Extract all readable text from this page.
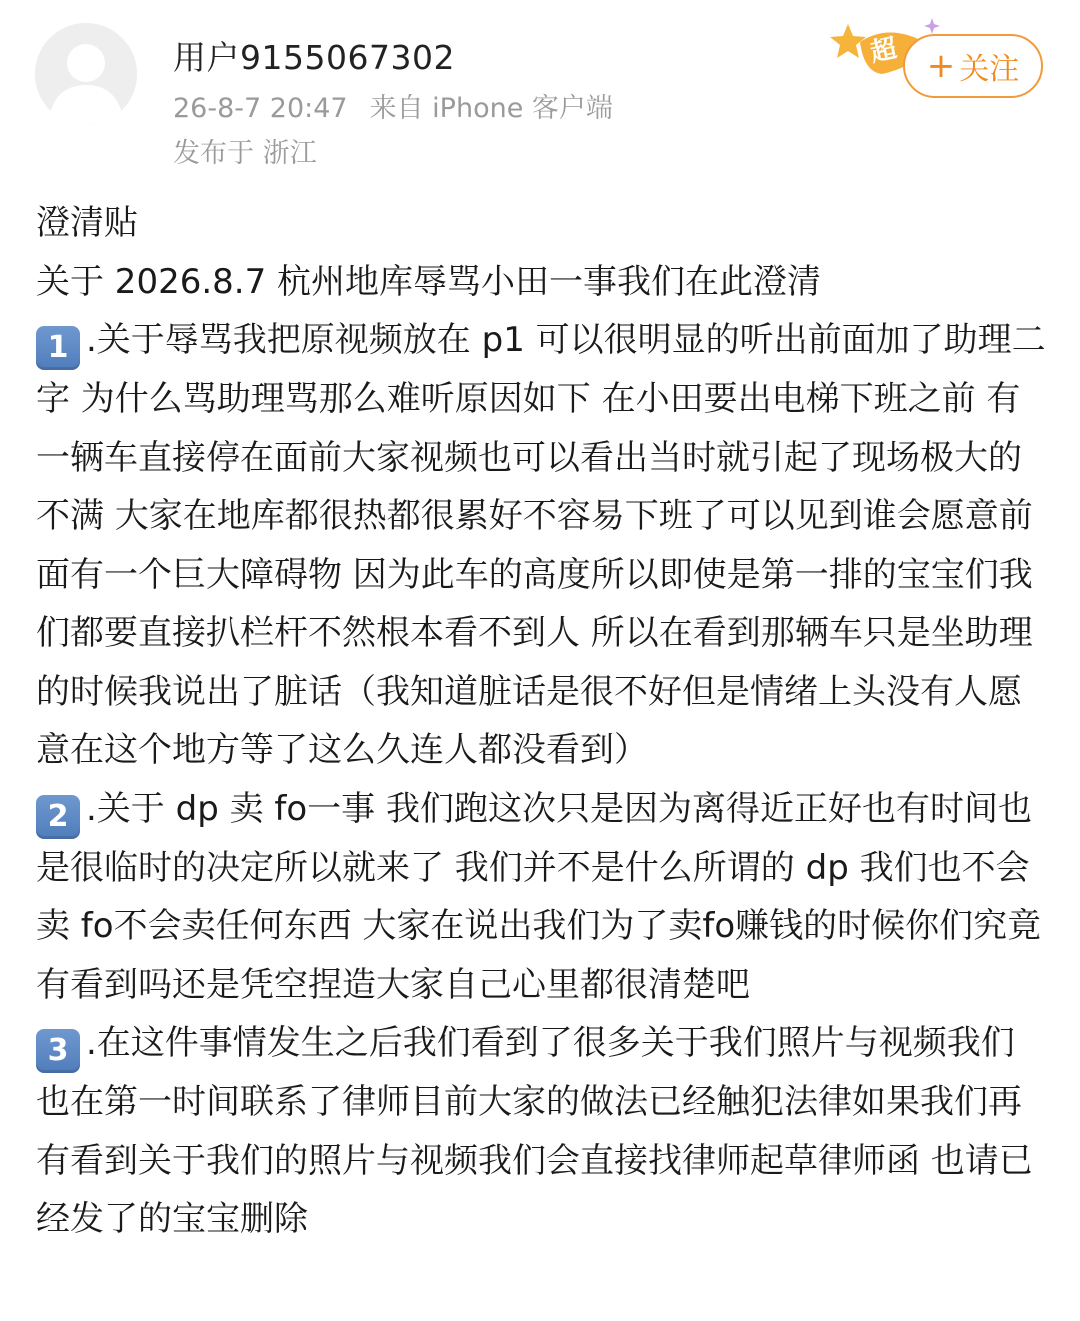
用户9155067302
26-8-7 20:47 来自 iPhone 客户端
发布于 浙江
超 + 关注

澄清贴

关于 2026.8.7 杭州地库辱骂小田一事我们在此澄清

1 .关于辱骂我把原视频放在 p1 可以很明显的听出前面加了助理二字 为什么骂助理骂那么难听原因如下 在小田要出电梯下班之前 有一辆车直接停在面前大家视频也可以看出当时就引起了现场极大的不满 大家在地库都很热都很累好不容易下班了可以见到谁会愿意前面有一个巨大障碍物 因为此车的高度所以即使是第一排的宝宝们我们都要直接扒栏杆不然根本看不到人 所以在看到那辆车只是坐助理的时候我说出了脏话（我知道脏话是很不好但是情绪上头没有人愿意在这个地方等了这么久连人都没看到）

2 .关于 dp 卖 fo一事 我们跑这次只是因为离得近正好也有时间也是很临时的决定所以就来了 我们并不是什么所谓的 dp 我们也不会卖 fo不会卖任何东西 大家在说出我们为了卖fo赚钱的时候你们究竟有看到吗还是凭空捏造大家自己心里都很清楚吧

3 .在这件事情发生之后我们看到了很多关于我们照片与视频我们也在第一时间联系了律师目前大家的做法已经触犯法律如果我们再有看到关于我们的照片与视频我们会直接找律师起草律师函 也请已经发了的宝宝删除
